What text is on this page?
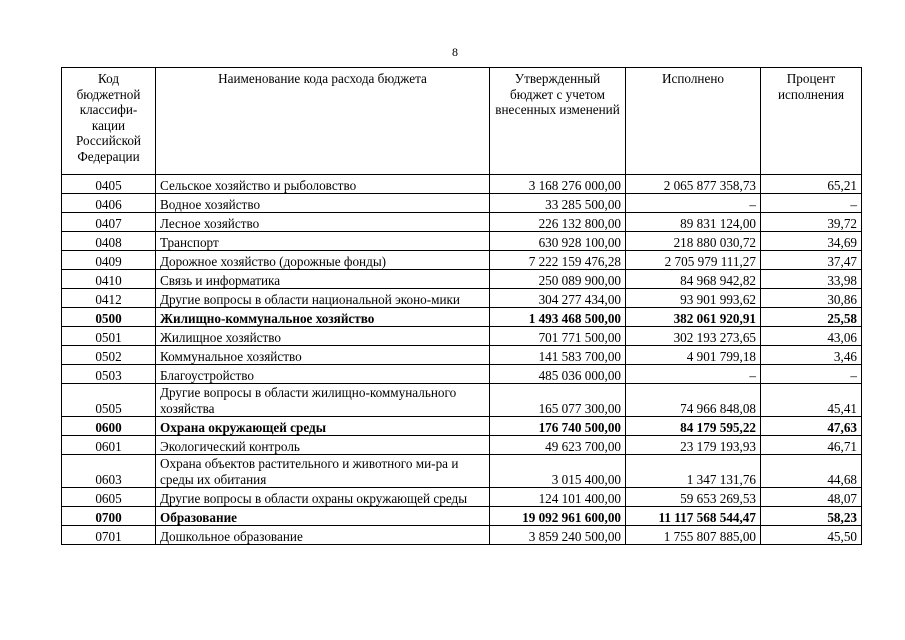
8
Код бюджетной классифи-кации Российской Федерации	Наименование кода расхода бюджета	Утвержденный бюджет с учетом внесенных изменений	Исполнено	Процент исполнения
0405	Сельское хозяйство и рыболовство	3 168 276 000,00	2 065 877 358,73	65,21
0406	Водное хозяйство	33 285 500,00	–	–
0407	Лесное хозяйство	226 132 800,00	89 831 124,00	39,72
0408	Транспорт	630 928 100,00	218 880 030,72	34,69
0409	Дорожное хозяйство (дорожные фонды)	7 222 159 476,28	2 705 979 111,27	37,47
0410	Связь и информатика	250 089 900,00	84 968 942,82	33,98
0412	Другие вопросы в области национальной эконо-мики	304 277 434,00	93 901 993,62	30,86
0500	Жилищно-коммунальное хозяйство	1 493 468 500,00	382 061 920,91	25,58
0501	Жилищное хозяйство	701 771 500,00	302 193 273,65	43,06
0502	Коммунальное хозяйство	141 583 700,00	4 901 799,18	3,46
0503	Благоустройство	485 036 000,00	–	–
0505	Другие вопросы в области жилищно-коммунального хозяйства	165 077 300,00	74 966 848,08	45,41
0600	Охрана окружающей среды	176 740 500,00	84 179 595,22	47,63
0601	Экологический контроль	49 623 700,00	23 179 193,93	46,71
0603	Охрана объектов растительного и животного ми-ра и среды их обитания	3 015 400,00	1 347 131,76	44,68
0605	Другие вопросы в области охраны окружающей среды	124 101 400,00	59 653 269,53	48,07
0700	Образование	19 092 961 600,00	11 117 568 544,47	58,23
0701	Дошкольное образование	3 859 240 500,00	1 755 807 885,00	45,50
